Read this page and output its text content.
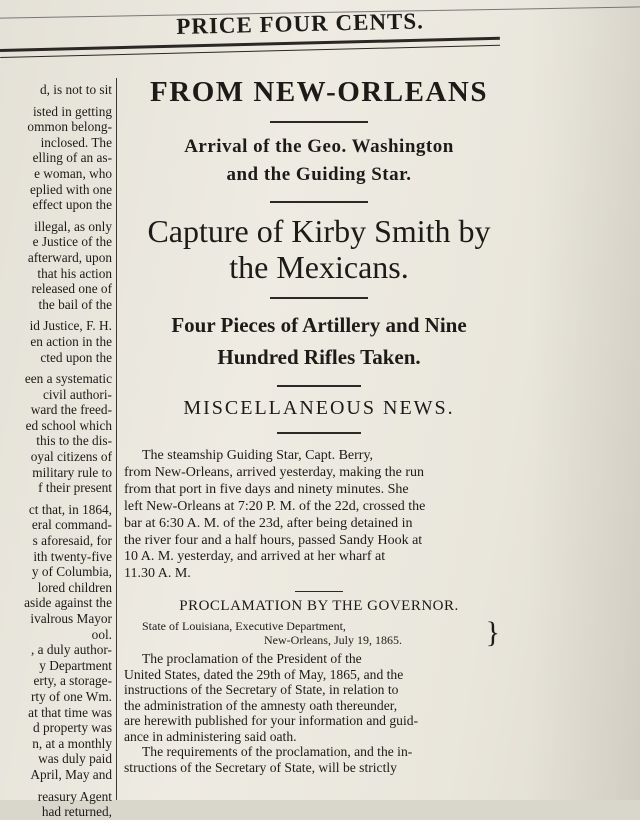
PRICE FOUR CENTS.
d, is not to sit
isted in getting
ommon belong-
inclosed. The
elling of an as-
e woman, who
eplied with one
effect upon the
illegal, as only
e Justice of the
afterward, upon
that his action
released one of
the bail of the
id Justice, F. H.
en action in the
cted upon the
een a systematic
civil authori-
ward the freed-
ed school which
this to the dis-
oyal citizens of
military rule to
f their present
ct that, in 1864,
eral command-
s aforesaid, for
ith twenty-five
y of Columbia,
lored children
aside against the
ivalrous Mayor
ool.
, a duly author-
y Department
erty, a storage-
rty of one Wm.
at that time was
d property was
n, at a monthly
was duly paid
April, May and
reasury Agent
had returned,
FROM NEW-ORLEANS
Arrival of the Geo. Washington
and the Guiding Star.
Capture of Kirby Smith by
the Mexicans.
Four Pieces of Artillery and Nine
Hundred Rifles Taken.
MISCELLANEOUS NEWS.
The steamship Guiding Star, Capt. Berry,
from New-Orleans, arrived yesterday, making the run
from that port in five days and ninety minutes. She
left New-Orleans at 7:20 P. M. of the 22d, crossed the
bar at 6:30 A. M. of the 23d, after being detained in
the river four and a half hours, passed Sandy Hook at
10 A. M. yesterday, and arrived at her wharf at
11.30 A. M.
PROCLAMATION BY THE GOVERNOR.
State of Louisiana, Executive Department,
New-Orleans, July 19, 1865.	}
The proclamation of the President of the
United States, dated the 29th of May, 1865, and the
instructions of the Secretary of State, in relation to
the administration of the amnesty oath thereunder,
are herewith published for your information and guid-
ance in administering said oath.
The requirements of the proclamation, and the in-
structions of the Secretary of State, will be strictly
